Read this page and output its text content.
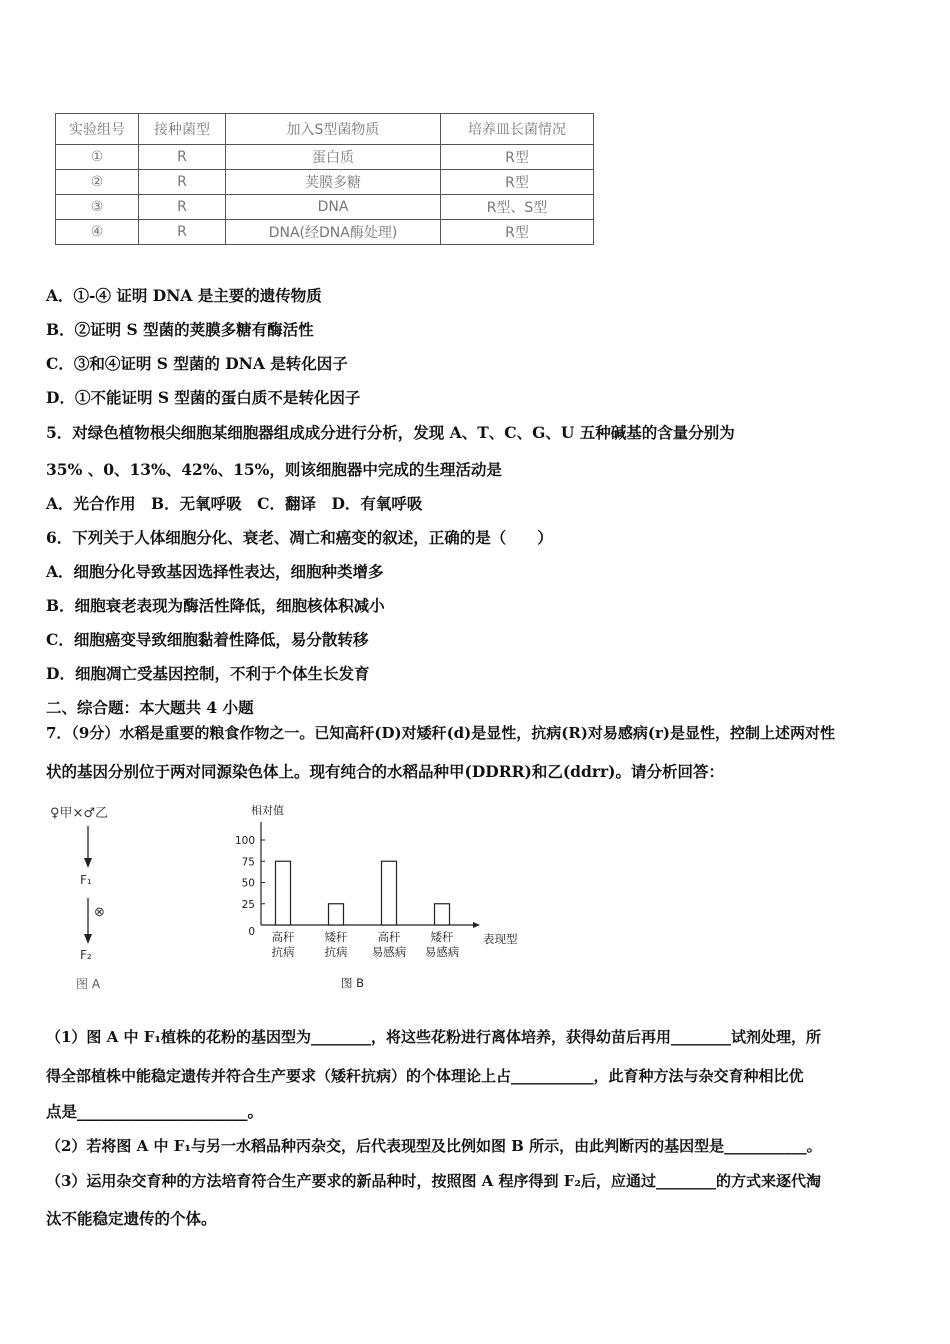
实验组号	接种菌型	加入S型菌物质	培养皿长菌情况
①	R	蛋白质	R型
②	R	荚膜多糖	R型
③	R	DNA	R型、S型
④	R	DNA(经DNA酶处理)	R型
A．①-④ 证明 DNA 是主要的遗传物质
B．②证明 S 型菌的荚膜多糖有酶活性
C．③和④证明 S 型菌的 DNA 是转化因子
D．①不能证明 S 型菌的蛋白质不是转化因子
5．对绿色植物根尖细胞某细胞器组成成分进行分析，发现 A、T、C、G、U 五种碱基的含量分别为
35% 、0、13%、42%、15%，则该细胞器中完成的生理活动是
A．光合作用　B．无氧呼吸　C．翻译　D．有氧呼吸
6．下列关于人体细胞分化、衰老、凋亡和癌变的叙述，正确的是（　　）
A．细胞分化导致基因选择性表达，细胞种类增多
B．细胞衰老表现为酶活性降低，细胞核体积减小
C．细胞癌变导致细胞黏着性降低，易分散转移
D．细胞凋亡受基因控制，不利于个体生长发育
二、综合题：本大题共 4 小题
7．（9分）水稻是重要的粮食作物之一。已知高秆(D)对矮秆(d)是显性，抗病(R)对易感病(r)是显性，控制上述两对性
状的基因分别位于两对同源染色体上。现有纯合的水稻品种甲(DDRR)和乙(ddrr)。请分析回答：
♀甲×♂乙
F₁
⊗
F₂
图 A
相对值
0
25
50
75
100
高秆
抗病
矮秆
抗病
高秆
易感病
矮秆
易感病
表现型
图 B
（1）图 A 中 F₁植株的花粉的基因型为________，将这些花粉进行离体培养，获得幼苗后再用________试剂处理，所
得全部植株中能稳定遗传并符合生产要求（矮秆抗病）的个体理论上占___________，此育种方法与杂交育种相比优
点是______________________。
（2）若将图 A 中 F₁与另一水稻品种丙杂交，后代表现型及比例如图 B 所示，由此判断丙的基因型是___________。
（3）运用杂交育种的方法培育符合生产要求的新品种时，按照图 A 程序得到 F₂后，应通过________的方式来逐代淘
汰不能稳定遗传的个体。
